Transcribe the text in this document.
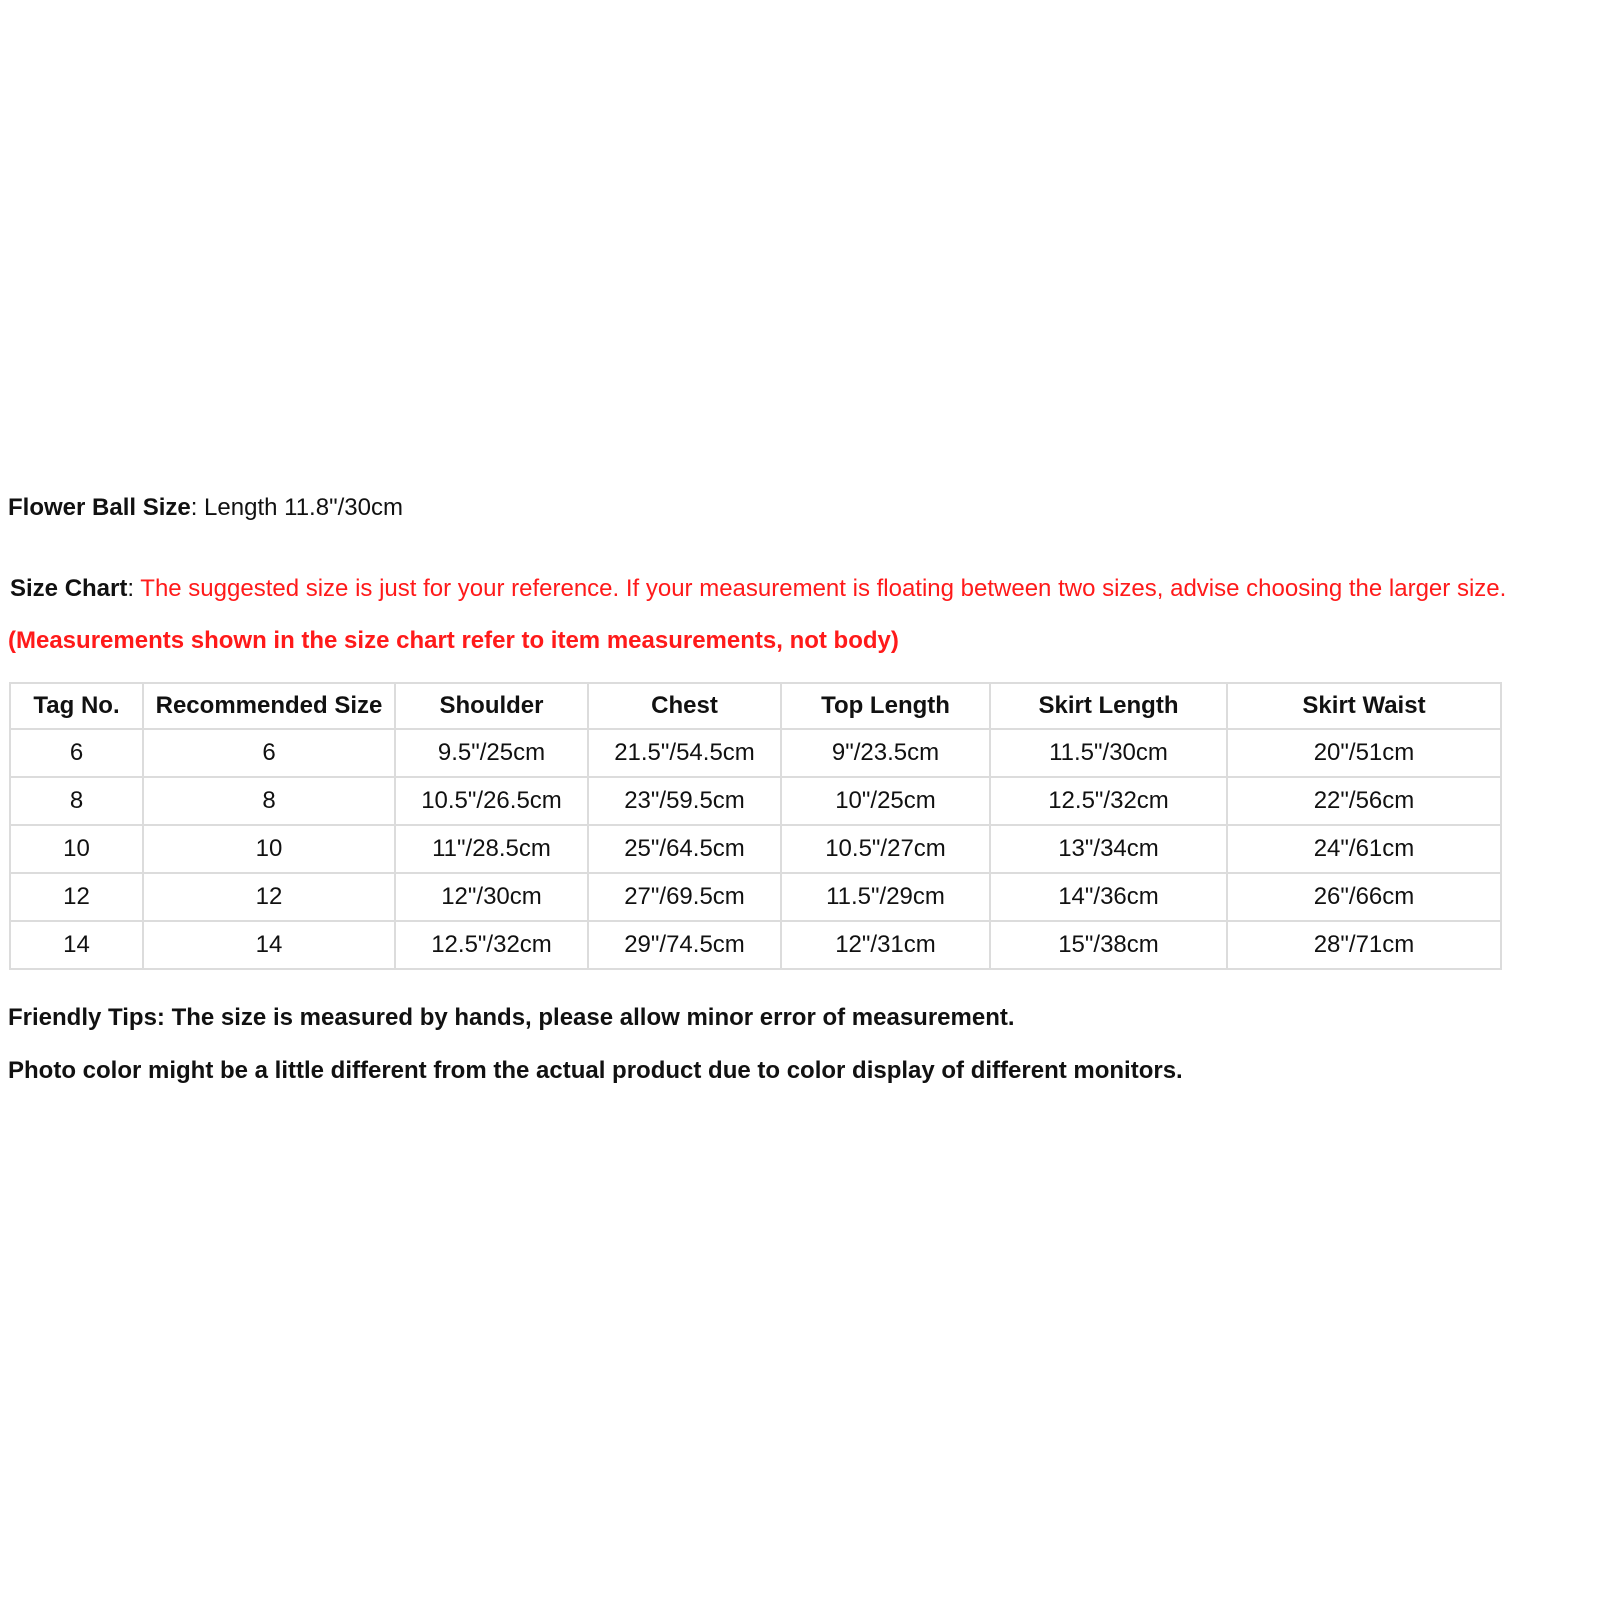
Flower Ball Size: Length 11.8"/30cm
Size Chart: The suggested size is just for your reference. If your measurement is floating between two sizes, advise choosing the larger size.
(Measurements shown in the size chart refer to item measurements, not body)
Tag No.	Recommended Size	Shoulder	Chest	Top Length	Skirt Length	Skirt Waist
6	6	9.5"/25cm	21.5"/54.5cm	9"/23.5cm	11.5"/30cm	20"/51cm
8	8	10.5"/26.5cm	23"/59.5cm	10"/25cm	12.5"/32cm	22"/56cm
10	10	11"/28.5cm	25"/64.5cm	10.5"/27cm	13"/34cm	24"/61cm
12	12	12"/30cm	27"/69.5cm	11.5"/29cm	14"/36cm	26"/66cm
14	14	12.5"/32cm	29"/74.5cm	12"/31cm	15"/38cm	28"/71cm
Friendly Tips: The size is measured by hands, please allow minor error of measurement.
Photo color might be a little different from the actual product due to color display of different monitors.
